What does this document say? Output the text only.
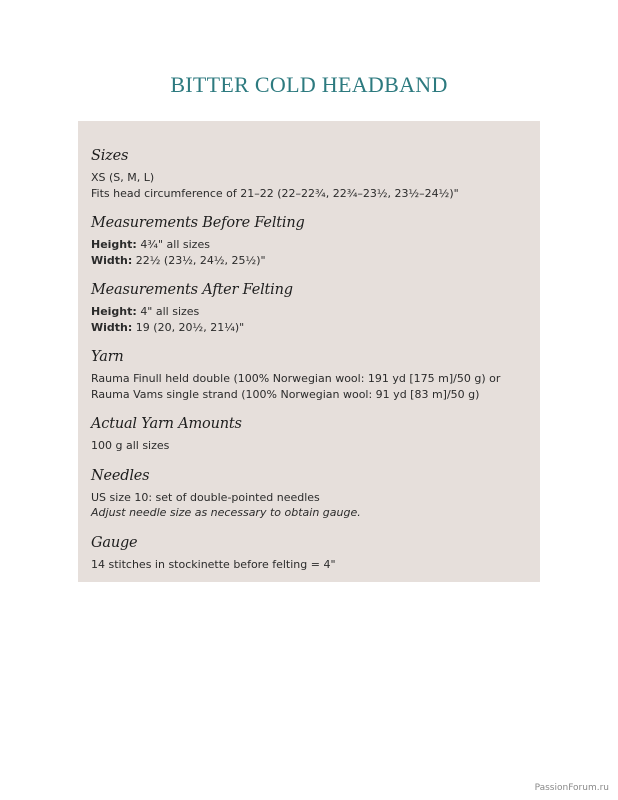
BITTER COLD HEADBAND
Sizes
XS (S, M, L)
Fits head circumference of 21–22 (22–22¾, 22¾–23½, 23½–24½)"
Measurements Before Felting
Height: 4¾" all sizes
Width: 22½ (23½, 24½, 25½)"
Measurements After Felting
Height: 4" all sizes
Width: 19 (20, 20½, 21¼)"
Yarn
Rauma Finull held double (100% Norwegian wool: 191 yd [175 m]/50 g) or
Rauma Vams single strand (100% Norwegian wool: 91 yd [83 m]/50 g)
Actual Yarn Amounts
100 g all sizes
Needles
US size 10: set of double-pointed needles
Adjust needle size as necessary to obtain gauge.
Gauge
14 stitches in stockinette before felting = 4"
PassionForum.ru
